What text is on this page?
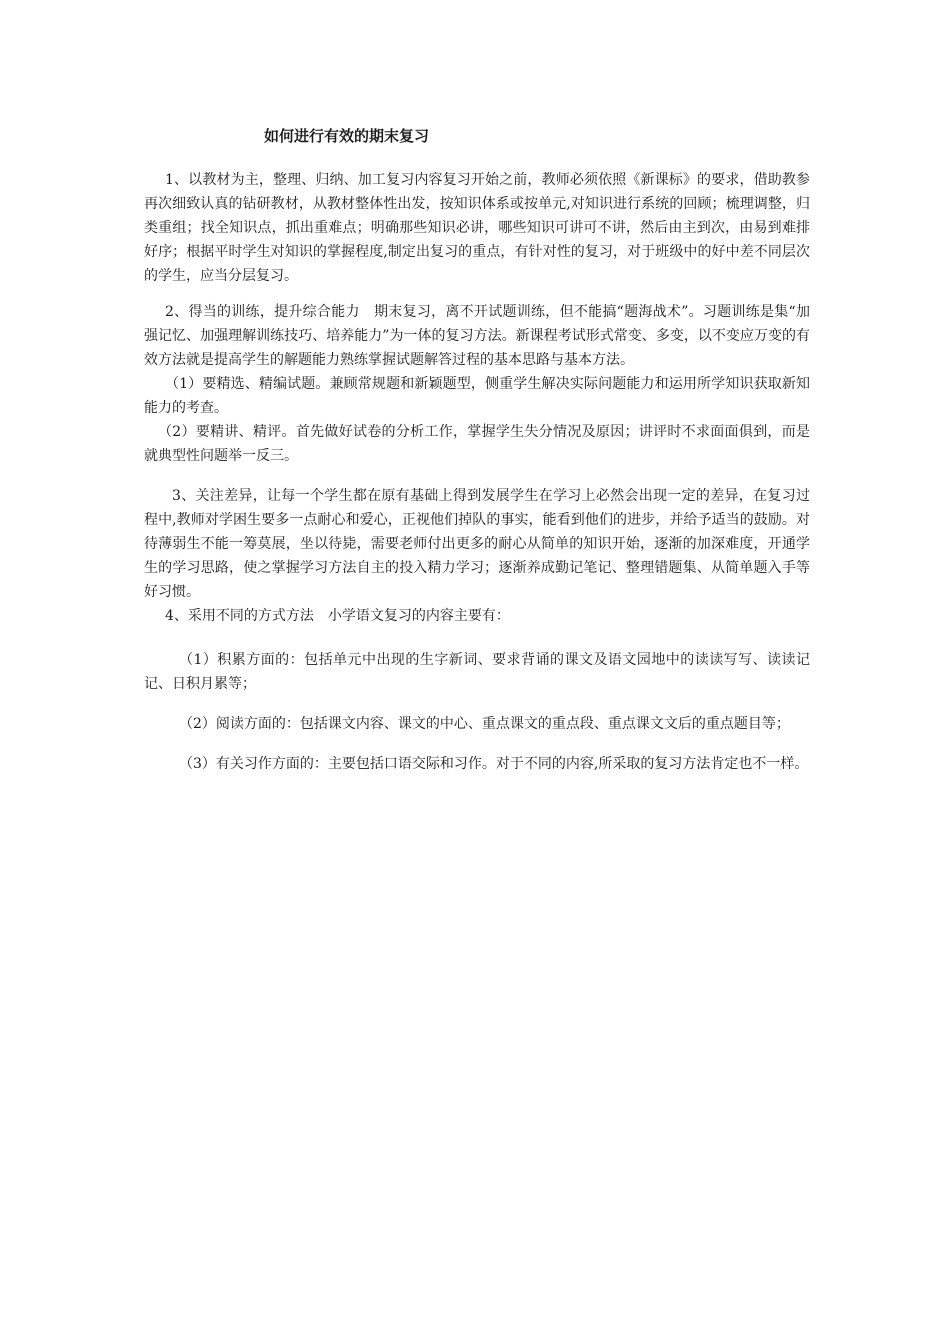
如何进行有效的期末复习

1、以教材为主，整理、归纳、加工复习内容复习开始之前，教师必须依照《新课标》的要求，借助教参再次细致认真的钻研教材，从教材整体性出发，按知识体系或按单元,对知识进行系统的回顾；梳理调整，归类重组；找全知识点，抓出重难点；明确那些知识必讲，哪些知识可讲可不讲，然后由主到次，由易到难排好序；根据平时学生对知识的掌握程度,制定出复习的重点，有针对性的复习，对于班级中的好中差不同层次的学生，应当分层复习。

2、得当的训练，提升综合能力　期末复习，离不开试题训练，但不能搞“题海战术”。习题训练是集“加强记忆、加强理解训练技巧、培养能力”为一体的复习方法。新课程考试形式常变、多变，以不变应万变的有效方法就是提高学生的解题能力熟练掌握试题解答过程的基本思路与基本方法。

（1）要精选、精编试题。兼顾常规题和新颖题型，侧重学生解决实际问题能力和运用所学知识获取新知能力的考查。

（2）要精讲、精评。首先做好试卷的分析工作，掌握学生失分情况及原因；讲评时不求面面俱到，而是就典型性问题举一反三。

3、关注差异，让每一个学生都在原有基础上得到发展学生在学习上必然会出现一定的差异，在复习过程中,教师对学困生要多一点耐心和爱心，正视他们掉队的事实，能看到他们的进步，并给予适当的鼓励。对待薄弱生不能一筹莫展，坐以待毙，需要老师付出更多的耐心从简单的知识开始，逐渐的加深难度，开通学生的学习思路，使之掌握学习方法自主的投入精力学习；逐渐养成勤记笔记、整理错题集、从简单题入手等好习惯。

4、采用不同的方式方法　小学语文复习的内容主要有：

（1）积累方面的：包括单元中出现的生字新词、要求背诵的课文及语文园地中的读读写写、读读记记、日积月累等；

（2）阅读方面的：包括课文内容、课文的中心、重点课文的重点段、重点课文文后的重点题目等；

（3）有关习作方面的：主要包括口语交际和习作。对于不同的内容,所采取的复习方法肯定也不一样。
